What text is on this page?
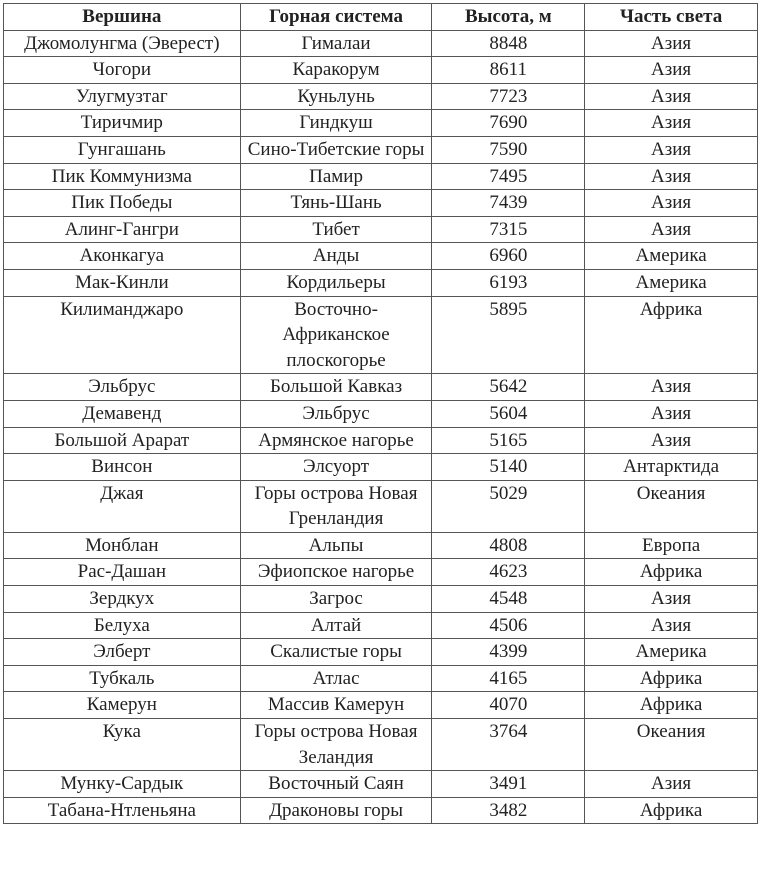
Вершина	Горная система	Высота, м	Часть света
Джомолунгма (Эверест)	Гималаи	8848	Азия
Чогори	Каракорум	8611	Азия
Улугмузтаг	Куньлунь	7723	Азия
Тиричмир	Гиндкуш	7690	Азия
Гунгашань	Сино-Тибетские горы	7590	Азия
Пик Коммунизма	Памир	7495	Азия
Пик Победы	Тянь-Шань	7439	Азия
Алинг-Гангри	Тибет	7315	Азия
Аконкагуа	Анды	6960	Америка
Мак-Кинли	Кордильеры	6193	Америка
Килиманджаро	Восточно-Африканское плоскогорье	5895	Африка
Эльбрус	Большой Кавказ	5642	Азия
Демавенд	Эльбрус	5604	Азия
Большой Арарат	Армянское нагорье	5165	Азия
Винсон	Элсуорт	5140	Антарктида
Джая	Горы острова Новая Гренландия	5029	Океания
Монблан	Альпы	4808	Европа
Рас-Дашан	Эфиопское нагорье	4623	Африка
Зердкух	Загрос	4548	Азия
Белуха	Алтай	4506	Азия
Элберт	Скалистые горы	4399	Америка
Тубкаль	Атлас	4165	Африка
Камерун	Массив Камерун	4070	Африка
Кука	Горы острова Новая Зеландия	3764	Океания
Мунку-Сардык	Восточный Саян	3491	Азия
Табана-Нтленьяна	Драконовы горы	3482	Африка
